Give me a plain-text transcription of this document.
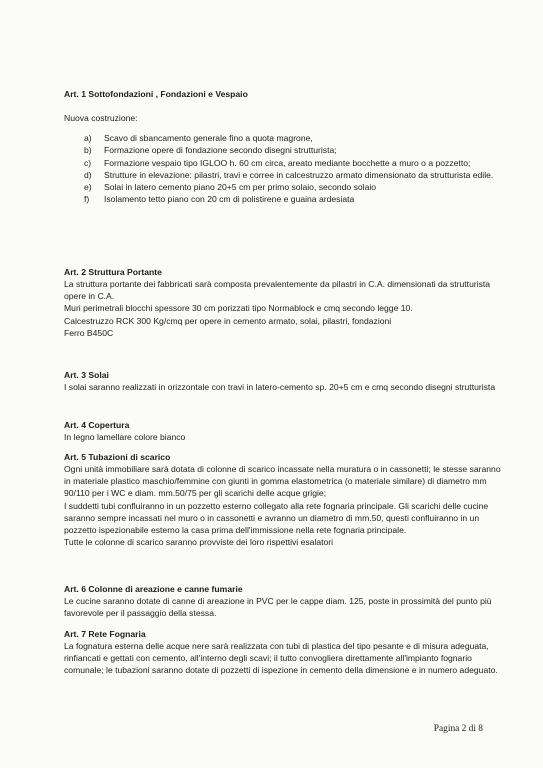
Art. 1 Sottofondazioni , Fondazioni e Vespaio
Nuova costruzione:
a) Scavo di sbancamento generale fino a quota magrone,
b) Formazione opere di fondazione secondo disegni strutturista;
c) Formazione vespaio tipo IGLOO h. 60 cm circa, areato mediante bocchette a muro o a pozzetto;
d) Strutture in elevazione: pilastri, travi e corree in calcestruzzo armato dimensionato da strutturista edile.
e) Solai in latero cemento piano 20+5 cm per primo solaio, secondo solaio
f) Isolamento tetto piano con 20 cm di polistirene e guaina ardesiata
Art. 2 Struttura Portante
La struttura portante dei fabbricati sarà composta prevalentemente da pilastri in C.A. dimensionati da strutturista opere in C.A.
Muri perimetrali blocchi spessore 30 cm porizzati tipo Normablock e cmq secondo legge 10.
Calcestruzzo RCK 300 Kg/cmq per opere in cemento armato, solai, pilastri, fondazioni
Ferro B450C
Art. 3 Solai
I solai saranno realizzati in orizzontale con travi in latero-cemento sp. 20+5 cm e cmq secondo disegni strutturista
Art. 4 Copertura
In legno lamellare colore bianco
Art. 5 Tubazioni di scarico
Ogni unità immobiliare sarà dotata di colonne di scarico incassate nella muratura o in cassonetti; le stesse saranno in materiale plastico maschio/femmine con giunti in gomma elastometrica (o materiale similare) di diametro mm 90/110 per i WC e diam. mm.50/75 per gli scarichi delle acque grigie;
I suddetti tubi confluiranno in un pozzetto esterno collegato alla rete fognaria principale. Gli scarichi delle cucine saranno sempre incassati nel muro o in cassonetti e avranno un diametro di mm.50, questi confluiranno in un pozzetto ispezionabile esterno la casa prima dell'immissione nella rete fognaria principale.
Tutte le colonne di scarico saranno provviste dei loro rispettivi esalatori
Art. 6 Colonne di areazione e canne fumarie
Le cucine saranno dotate di canne di areazione in PVC per le cappe diam. 125, poste in prossimità del punto più favorevole per il passaggio della stessa.
Art. 7 Rete Fognaria
La fognatura esterna delle acque nere sarà realizzata con tubi di plastica del tipo pesante e di misura adeguata, rinfiancati e gettati con cemento, all'interno degli scavi; il tutto convogliera direttamente all'impianto fognario comunale; le tubazioni saranno dotate di pozzetti di ispezione in cemento della dimensione e in numero adeguato.
Pagina 2 di 8
